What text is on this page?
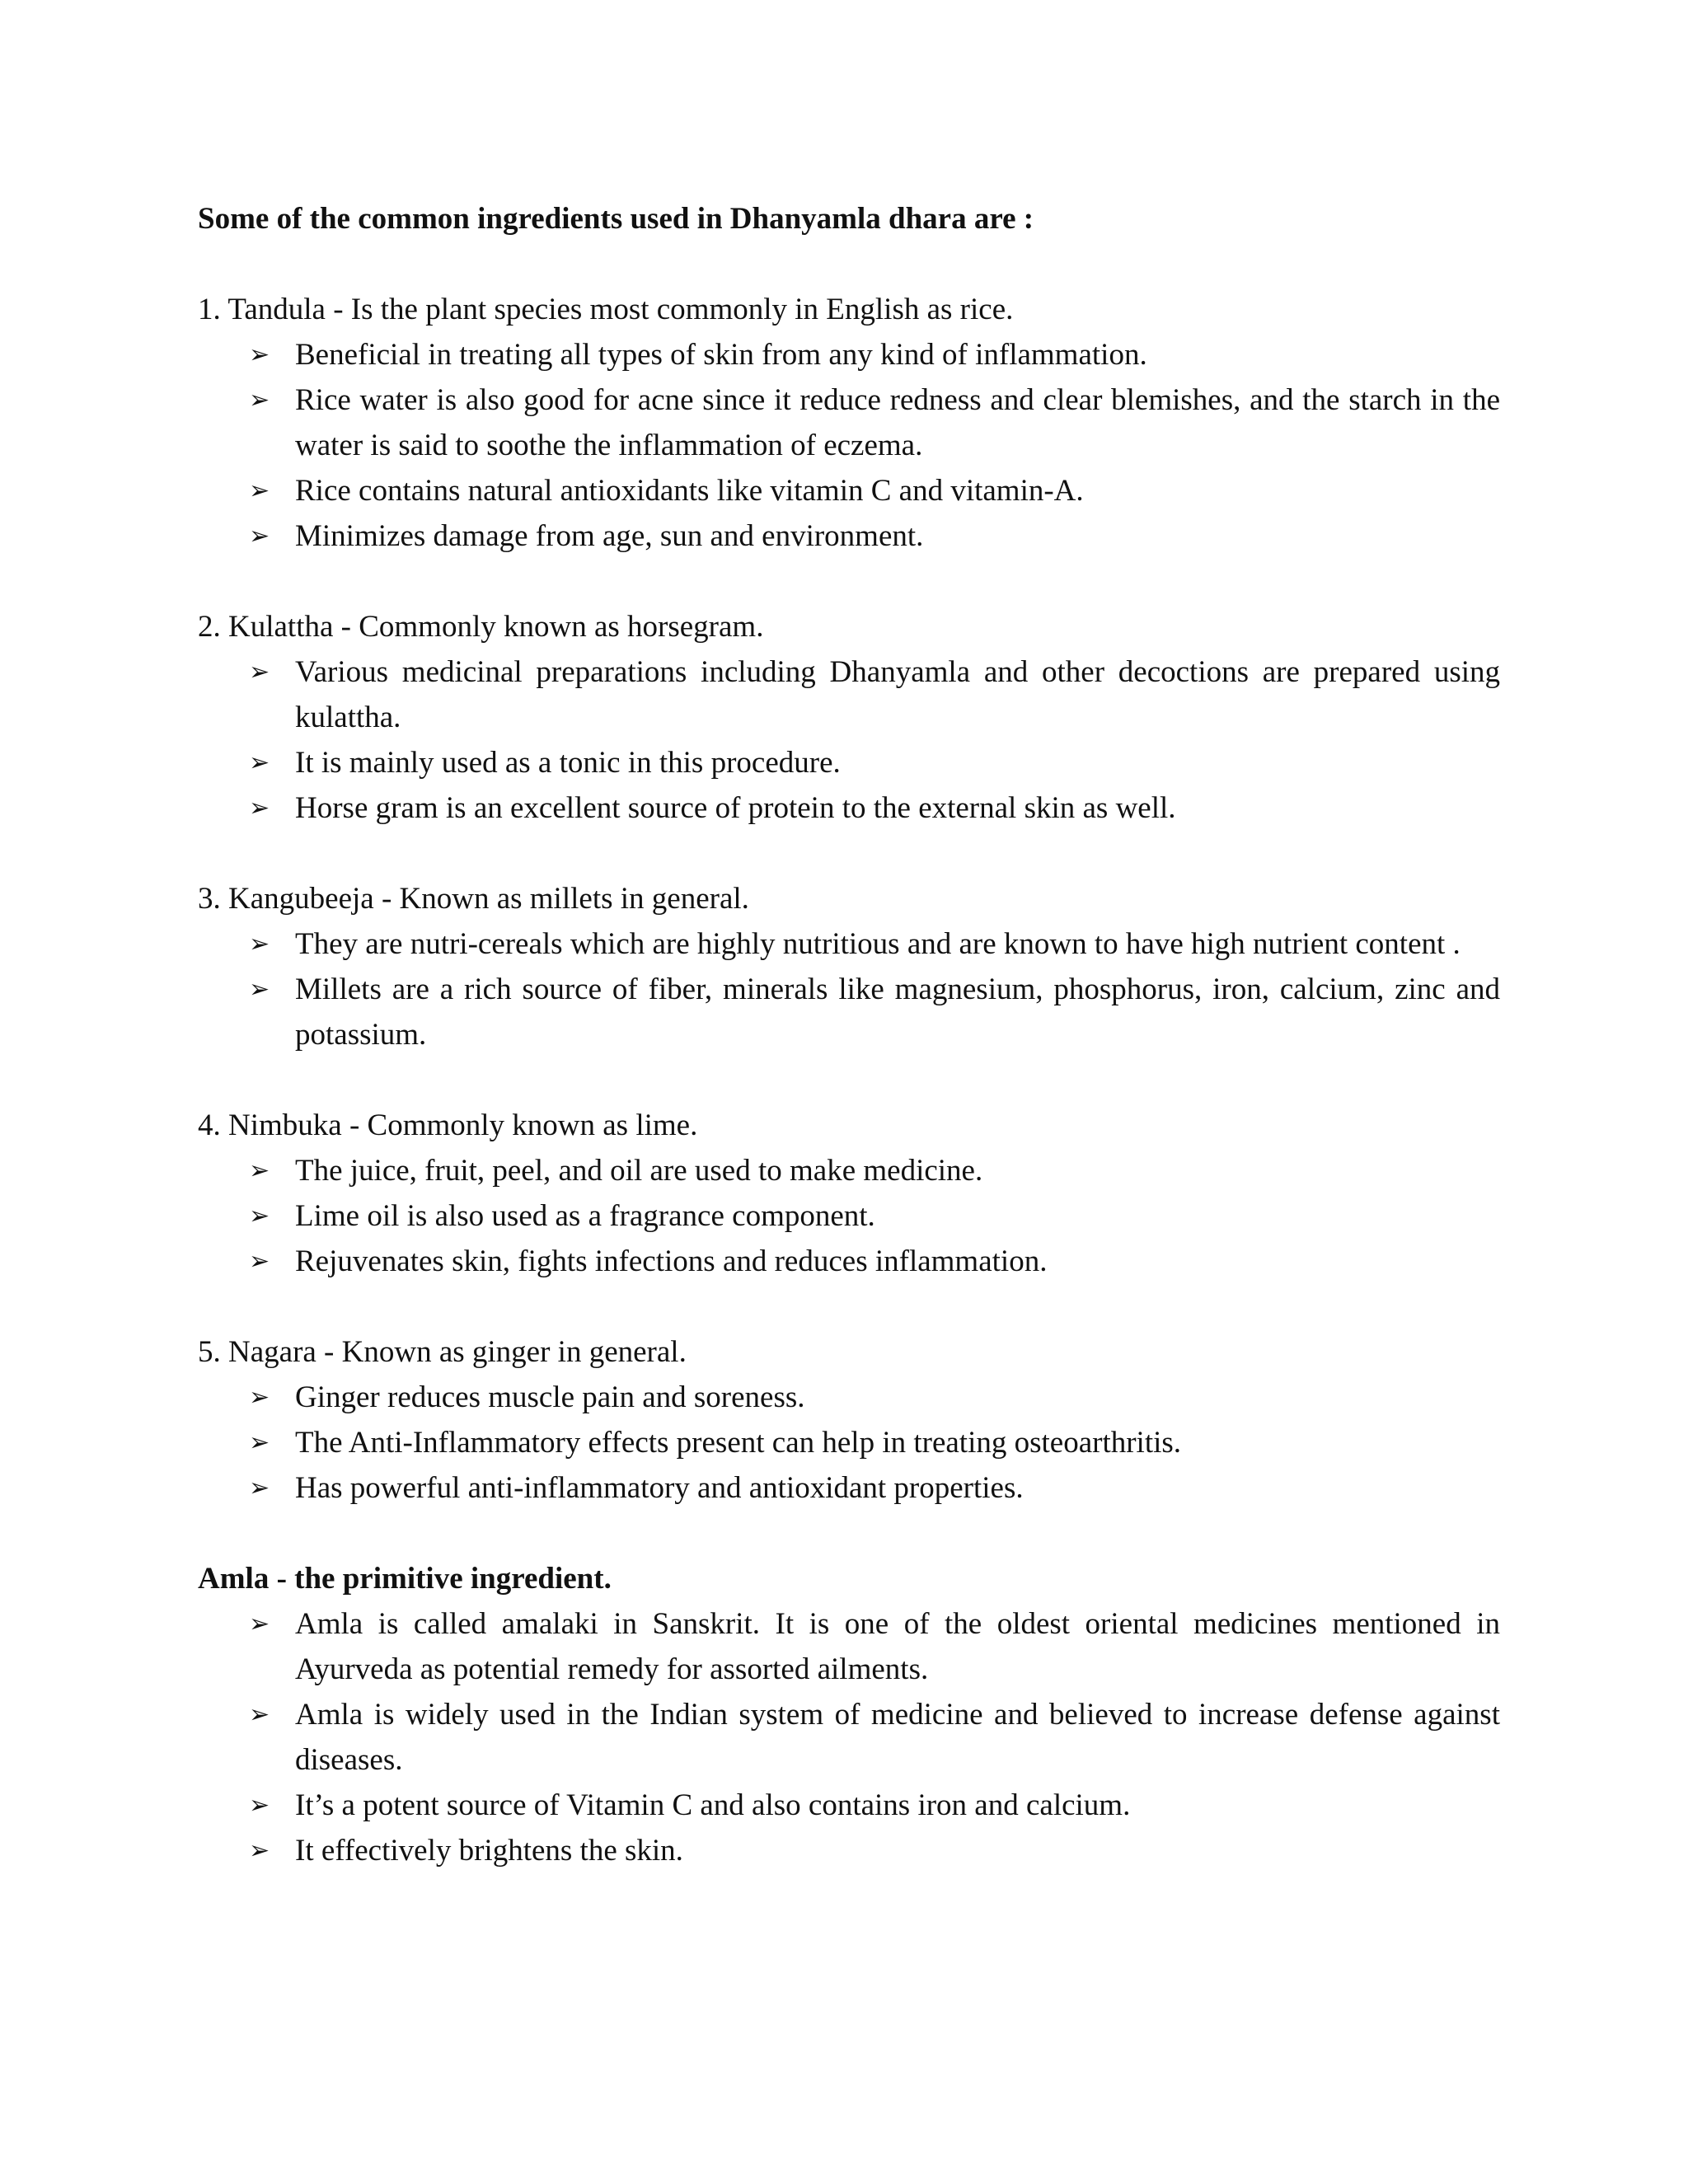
Some of the common ingredients used in Dhanyamla dhara are :

1. Tandula - Is the plant species most commonly in English as rice.

➢ Beneficial in treating all types of skin from any kind of inflammation.
➢ Rice water is also good for acne since it reduce redness and clear blemishes, and the starch in the water is said to soothe the inflammation of eczema.
➢ Rice contains natural antioxidants like vitamin C and vitamin-A.
➢ Minimizes damage from age, sun and environment.

2. Kulattha - Commonly known as horsegram.

➢ Various medicinal preparations including Dhanyamla and other decoctions are prepared using kulattha.
➢ It is mainly used as a tonic in this procedure.
➢ Horse gram is an excellent source of protein to the external skin as well.

3. Kangubeeja - Known as millets in general.

➢ They are nutri-cereals which are highly nutritious and are known to have high nutrient content .
➢ Millets are a rich source of fiber, minerals like magnesium, phosphorus, iron, calcium, zinc and potassium.

4. Nimbuka - Commonly known as lime.

➢ The juice, fruit, peel, and oil are used to make medicine.
➢ Lime oil is also used as a fragrance component.
➢ Rejuvenates skin, fights infections and reduces inflammation.

5. Nagara - Known as ginger in general.

➢ Ginger reduces muscle pain and soreness.
➢ The Anti-Inflammatory effects present can help in treating osteoarthritis.
➢ Has powerful anti-inflammatory and antioxidant properties.

Amla - the primitive ingredient.

➢ Amla is called amalaki in Sanskrit. It is one of the oldest oriental medicines mentioned in Ayurveda as potential remedy for assorted ailments.
➢ Amla is widely used in the Indian system of medicine and believed to increase defense against diseases.
➢ It’s a potent source of Vitamin C and also contains iron and calcium.
➢ It effectively brightens the skin.
